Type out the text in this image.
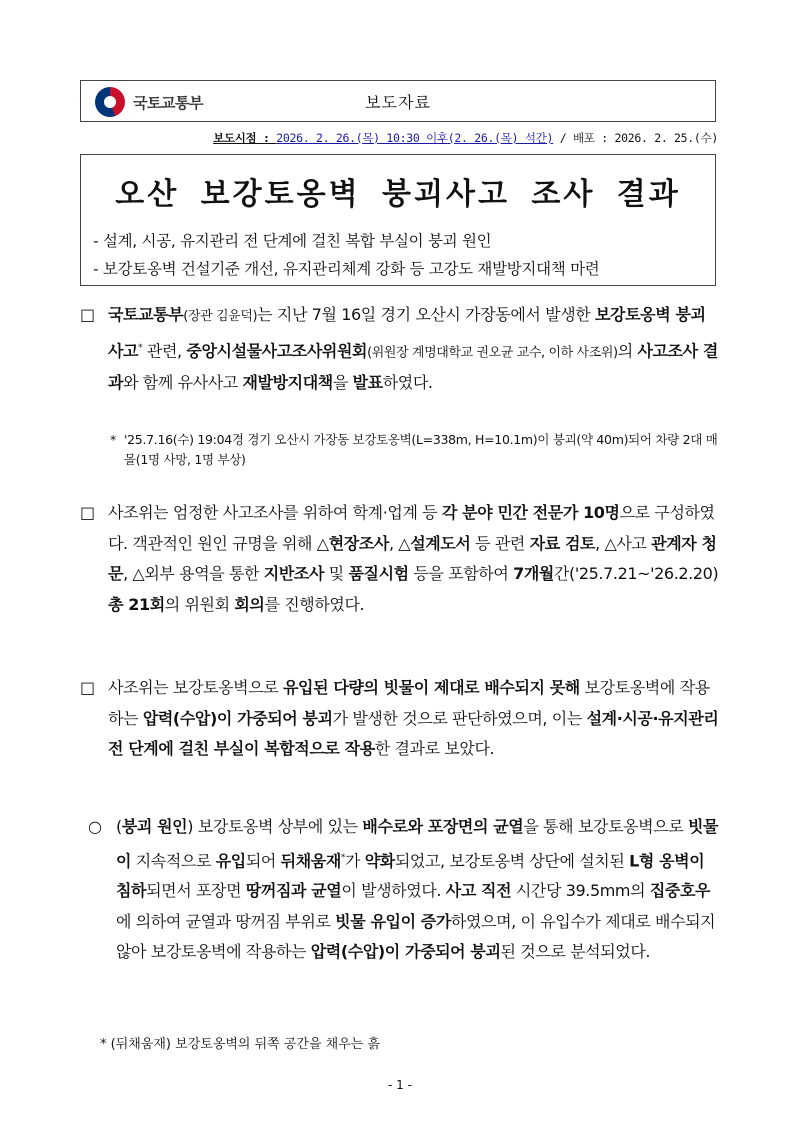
국토교통부	보도자료
보도시점 : 2026. 2. 26.(목) 10:30 이후(2. 26.(목) 석간) / 배포 : 2026. 2. 25.(수)
오산 보강토옹벽 붕괴사고 조사 결과
- 설계, 시공, 유지관리 전 단계에 걸친 복합 부실이 붕괴 원인
- 보강토옹벽 건설기준 개선, 유지관리체계 강화 등 고강도 재발방지대책 마련
□ 국토교통부(장관 김윤덕)는 지난 7월 16일 경기 오산시 가장동에서 발생한 보강토옹벽 붕괴사고* 관련, 중앙시설물사고조사위원회(위원장 계명대학교 권오균 교수, 이하 사조위)의 사고조사 결과와 함께 유사사고 재발방지대책을 발표하였다.
* '25.7.16(수) 19:04경 경기 오산시 가장동 보강토옹벽(L=338m, H=10.1m)이 붕괴(약 40m)되어 차량 2대 매몰(1명 사망, 1명 부상)
□ 사조위는 엄정한 사고조사를 위하여 학계·업계 등 각 분야 민간 전문가 10명으로 구성하였다. 객관적인 원인 규명을 위해 △현장조사, △설계도서 등 관련 자료 검토, △사고 관계자 청문, △외부 용역을 통한 지반조사 및 품질시험 등을 포함하여 7개월간('25.7.21~'26.2.20) 총 21회의 위원회 회의를 진행하였다.
□ 사조위는 보강토옹벽으로 유입된 다량의 빗물이 제대로 배수되지 못해 보강토옹벽에 작용하는 압력(수압)이 가중되어 붕괴가 발생한 것으로 판단하였으며, 이는 설계·시공·유지관리 전 단계에 걸친 부실이 복합적으로 작용한 결과로 보았다.
○ (붕괴 원인) 보강토옹벽 상부에 있는 배수로와 포장면의 균열을 통해 보강토옹벽으로 빗물이 지속적으로 유입되어 뒤채움재*가 약화되었고, 보강토옹벽 상단에 설치된 L형 옹벽이 침하되면서 포장면 땅꺼짐과 균열이 발생하였다. 사고 직전 시간당 39.5mm의 집중호우에 의하여 균열과 땅꺼짐 부위로 빗물 유입이 증가하였으며, 이 유입수가 제대로 배수되지 않아 보강토옹벽에 작용하는 압력(수압)이 가중되어 붕괴된 것으로 분석되었다.
* (뒤채움재) 보강토옹벽의 뒤쪽 공간을 채우는 흙
- 1 -
